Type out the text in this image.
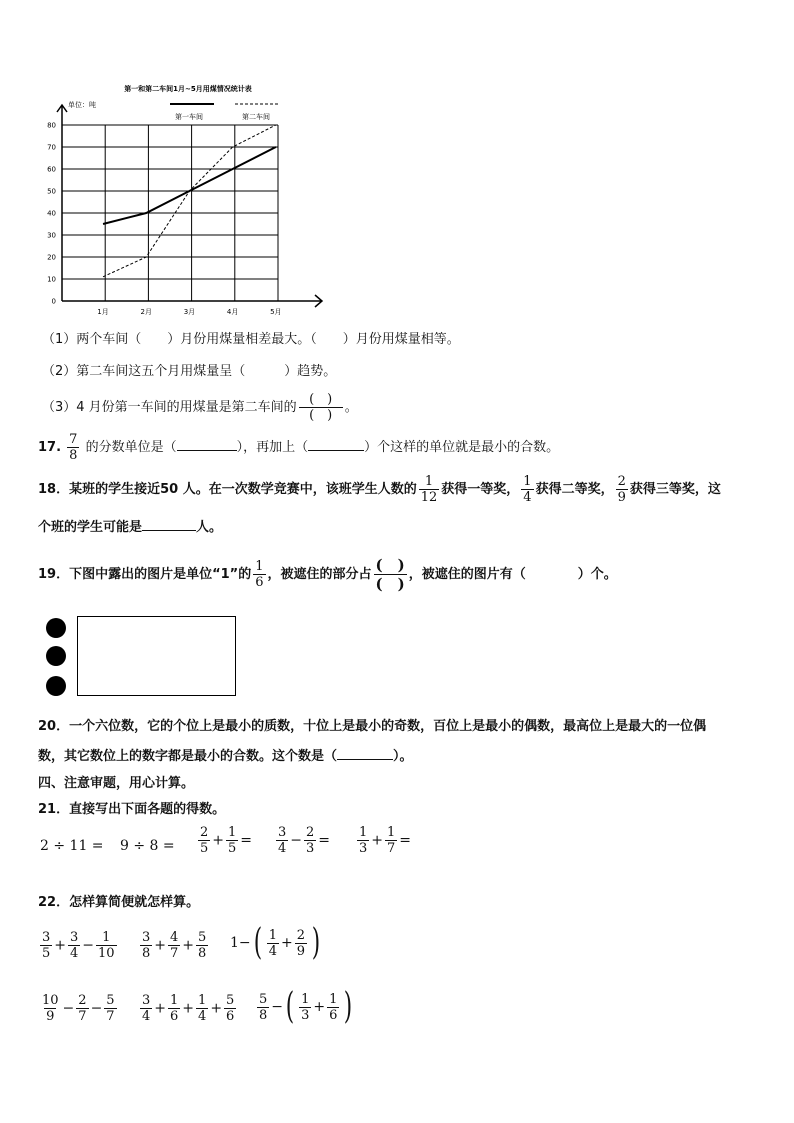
第一和第二车间1月~5月用煤情况统计表
单位：吨
第一车间	第二车间
0
10
20
30
40
50
60
70
80
1月	2月	3月	4月	5月
（1）两个车间（　　）月份用煤量相差最大。（　　）月份用煤量相等。
（2）第二车间这五个月用煤量呈（　　　）趋势。
（3）4 月份第一车间的用煤量是第二车间的 $\frac{( )}{( )}$ 。
17. $\frac{7}{8}$ 的分数单位是（	），再加上（	）个这样的单位就是最小的合数。
18．某班的学生接近50 人。在一次数学竞赛中，该班学生人数的 $\frac{1}{12}$ 获得一等奖， $\frac{1}{4}$ 获得二等奖， $\frac{2}{9}$ 获得三等奖，这
个班的学生可能是	人。
19．下图中露出的图片是单位“1”的 $\frac{1}{6}$ ，被遮住的部分占 $\frac{( )}{( )}$ ，被遮住的图片有（　　　　）个。
20．一个六位数，它的个位上是最小的质数，十位上是最小的奇数，百位上是最小的偶数，最高位上是最大的一位偶
数，其它数位上的数字都是最小的合数。这个数是（	）。
四、注意审题，用心计算。
21．直接写出下面各题的得数。
$2 \div 11 = 9 \div 8 = \frac{2}{5} + \frac{1}{5} = \frac{3}{4} - \frac{2}{3} = \frac{1}{3} + \frac{1}{7}$ =
22．怎样算简便就怎样算。
$\frac{3}{5} + \frac{3}{4} - \frac{1}{10} \frac{3}{8} + \frac{4}{7} + \frac{5}{8} 1-( \frac{1}{4} + \frac{2}{9}$ )
$\frac{10}{9} - \frac{2}{7} - \frac{5}{7} \frac{3}{4} + \frac{1}{6} + \frac{1}{4} + \frac{5}{6} \frac{5}{8}$ −( $\frac{1}{3} + \frac{1}{6}$ )
